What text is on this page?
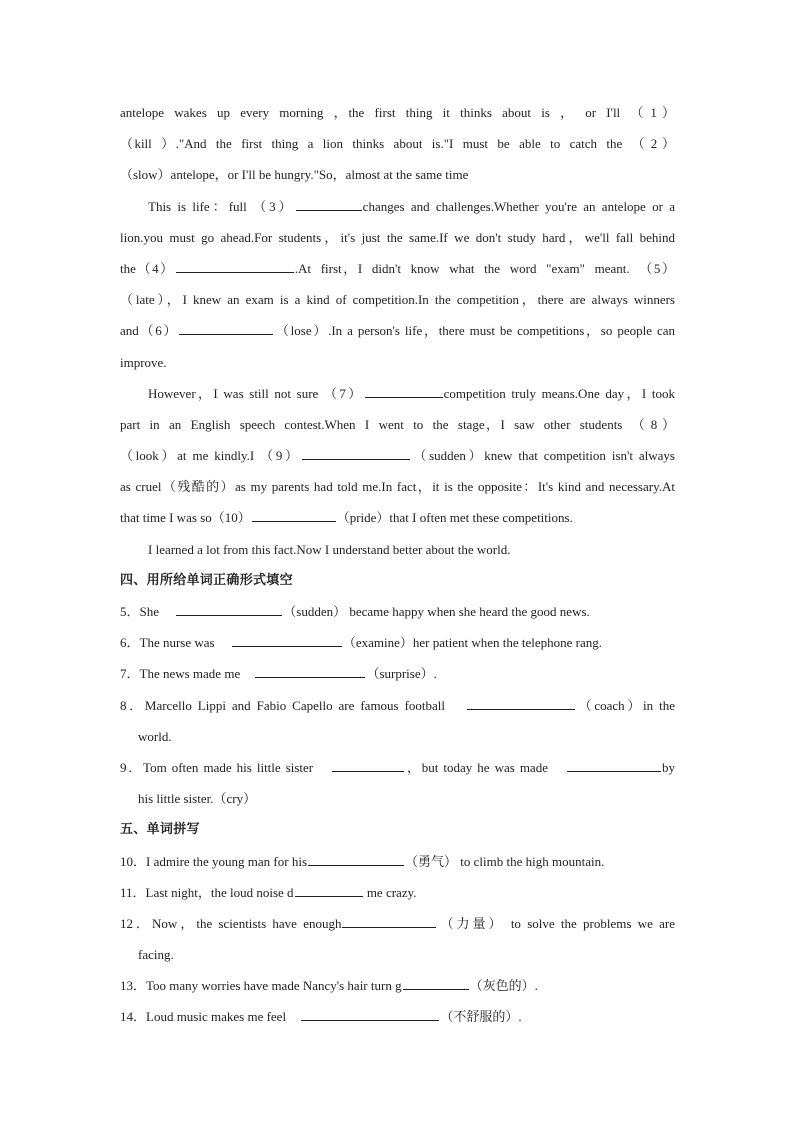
antelope  wakes  up  every  morning  ，the  first  thing  it  thinks  about  is  ，  or  I'll  （ 1 ）

（kill  ）."And  the  first  thing  a  lion  thinks  about  is."I  must  be  able  to  catch  the  （ 2 ）

（slow）antelope，or I'll be hungry."So，almost at the same time

This is life：full （3）	changes and challenges.Whether you're an antelope or a

lion.you must go ahead.For students，it's just the same.If we don't study hard，we'll fall behind

the（4）	.At  first，I  didn't  know  what  the  word  "exam"  meant.  （5）

（late），I knew an exam is a kind of competition.In the competition，there are always winners

and（6）	（lose）.In a person's life，there must be competitions，so people can

improve.

However，I was still not sure （7）	competition truly means.One day，I took

part  in  an  English  speech  contest.When  I  went  to  the  stage，I  saw  other  students  （ 8 ）

（look）at me kindly.I （9）	（sudden）knew that competition isn't always

as cruel（残酷的）as my parents had told me.In fact，it is the opposite：It's kind and necessary.At

that time I was so（10）	（pride）that I often met these competitions.

I learned a lot from this fact.Now I understand better about the world.

四、用所给单词正确形式填空

5．She	（sudden） became happy when she heard the good news.

6．The nurse was	（examine）her patient when the telephone rang.

7．The news made me	（surprise）.

8．Marcello Lippi and Fabio Capello are famous football	（coach）in the

world.

9．Tom often made his little sister	，but today he was made	by

his little sister.（cry）

五、单词拼写

10．I admire the young man for his	（勇气） to climb the high mountain.

11．Last night，the loud noise d	me crazy.

12．Now，the scientists have enough	（力量） to solve the problems we are

facing.

13．Too many worries have made Nancy's hair turn g	（灰色的）.

14．Loud music makes me feel	（不舒服的）.
